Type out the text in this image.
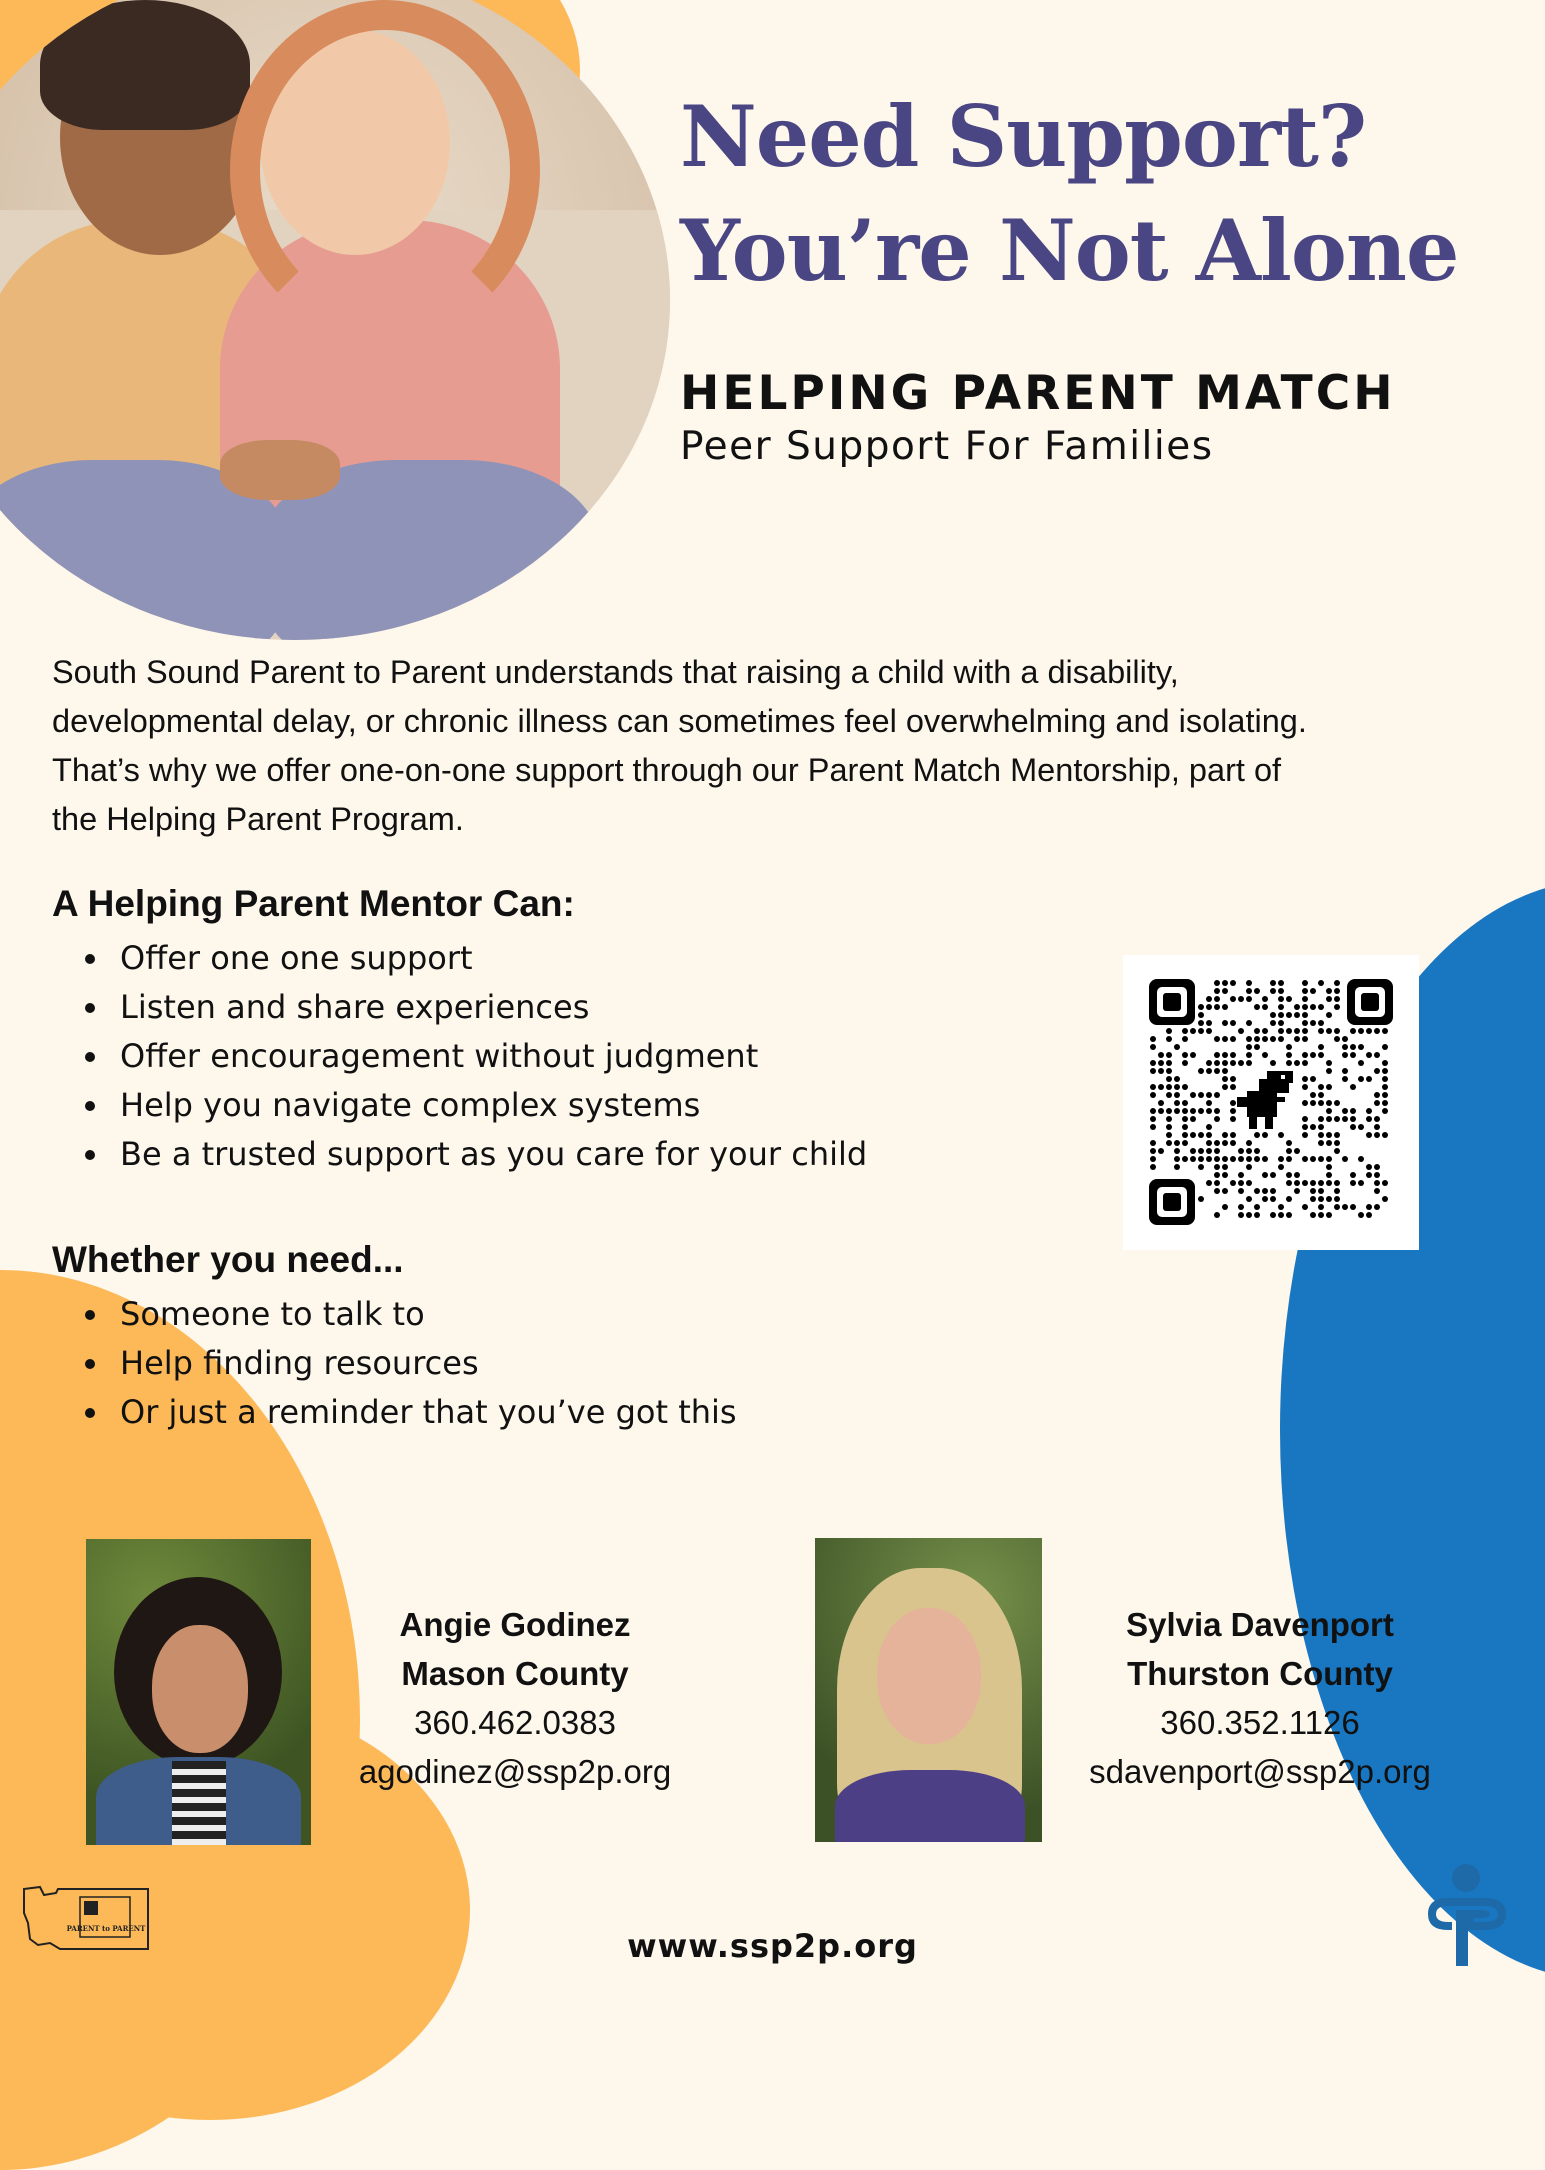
Need Support?
You’re Not Alone
HELPING PARENT MATCH
Peer Support For Families
South Sound Parent to Parent understands that raising a child with a disability,
developmental delay, or chronic illness can sometimes feel overwhelming and isolating.
That’s why we offer one-on-one support through our Parent Match Mentorship, part of
the Helping Parent Program.
A Helping Parent Mentor Can:
• Offer one one support
• Listen and share experiences
• Offer encouragement without judgment
• Help you navigate complex systems
• Be a trusted support as you care for your child
Whether you need...
• Someone to talk to
• Help finding resources
• Or just a reminder that you’ve got this
Angie Godinez
Mason County
360.462.0383
agodinez@ssp2p.org
Sylvia Davenport
Thurston County
360.352.1126
sdavenport@ssp2p.org
PARENT to PARENT	www.ssp2p.org
